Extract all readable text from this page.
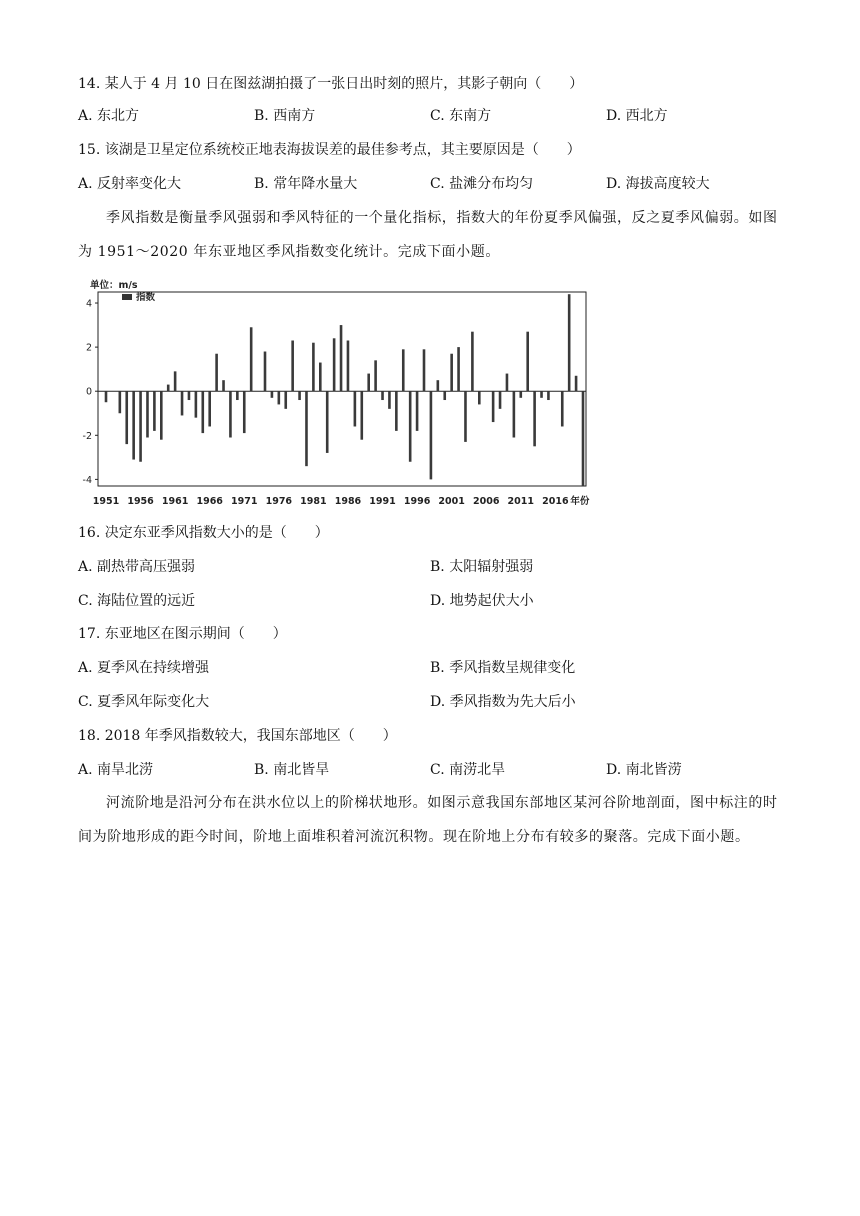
14. 某人于 4 月 10 日在图兹湖拍摄了一张日出时刻的照片，其影子朝向（　　）
A. 东北方	B. 西南方	C. 东南方	D. 西北方
15. 该湖是卫星定位系统校正地表海拔误差的最佳参考点，其主要原因是（　　）
A. 反射率变化大	B. 常年降水量大	C. 盐滩分布均匀	D. 海拔高度较大
季风指数是衡量季风强弱和季风特征的一个量化指标，指数大的年份夏季风偏强，反之夏季风偏弱。如图为 1951～2020 年东亚地区季风指数变化统计。完成下面小题。
单位：m/s
指数
4
2
0
-2
-4
1951 1956 1961 1966 1971 1976 1981 1986 1991 1996 2001 2006 2011 2016 年份
16. 决定东亚季风指数大小的是（　　）
A. 副热带高压强弱	B. 太阳辐射强弱
C. 海陆位置的远近	D. 地势起伏大小
17. 东亚地区在图示期间（　　）
A. 夏季风在持续增强	B. 季风指数呈规律变化
C. 夏季风年际变化大	D. 季风指数为先大后小
18. 2018 年季风指数较大，我国东部地区（　　）
A. 南旱北涝	B. 南北皆旱	C. 南涝北旱	D. 南北皆涝
河流阶地是沿河分布在洪水位以上的阶梯状地形。如图示意我国东部地区某河谷阶地剖面，图中标注的时间为阶地形成的距今时间，阶地上面堆积着河流沉积物。现在阶地上分布有较多的聚落。完成下面小题。
